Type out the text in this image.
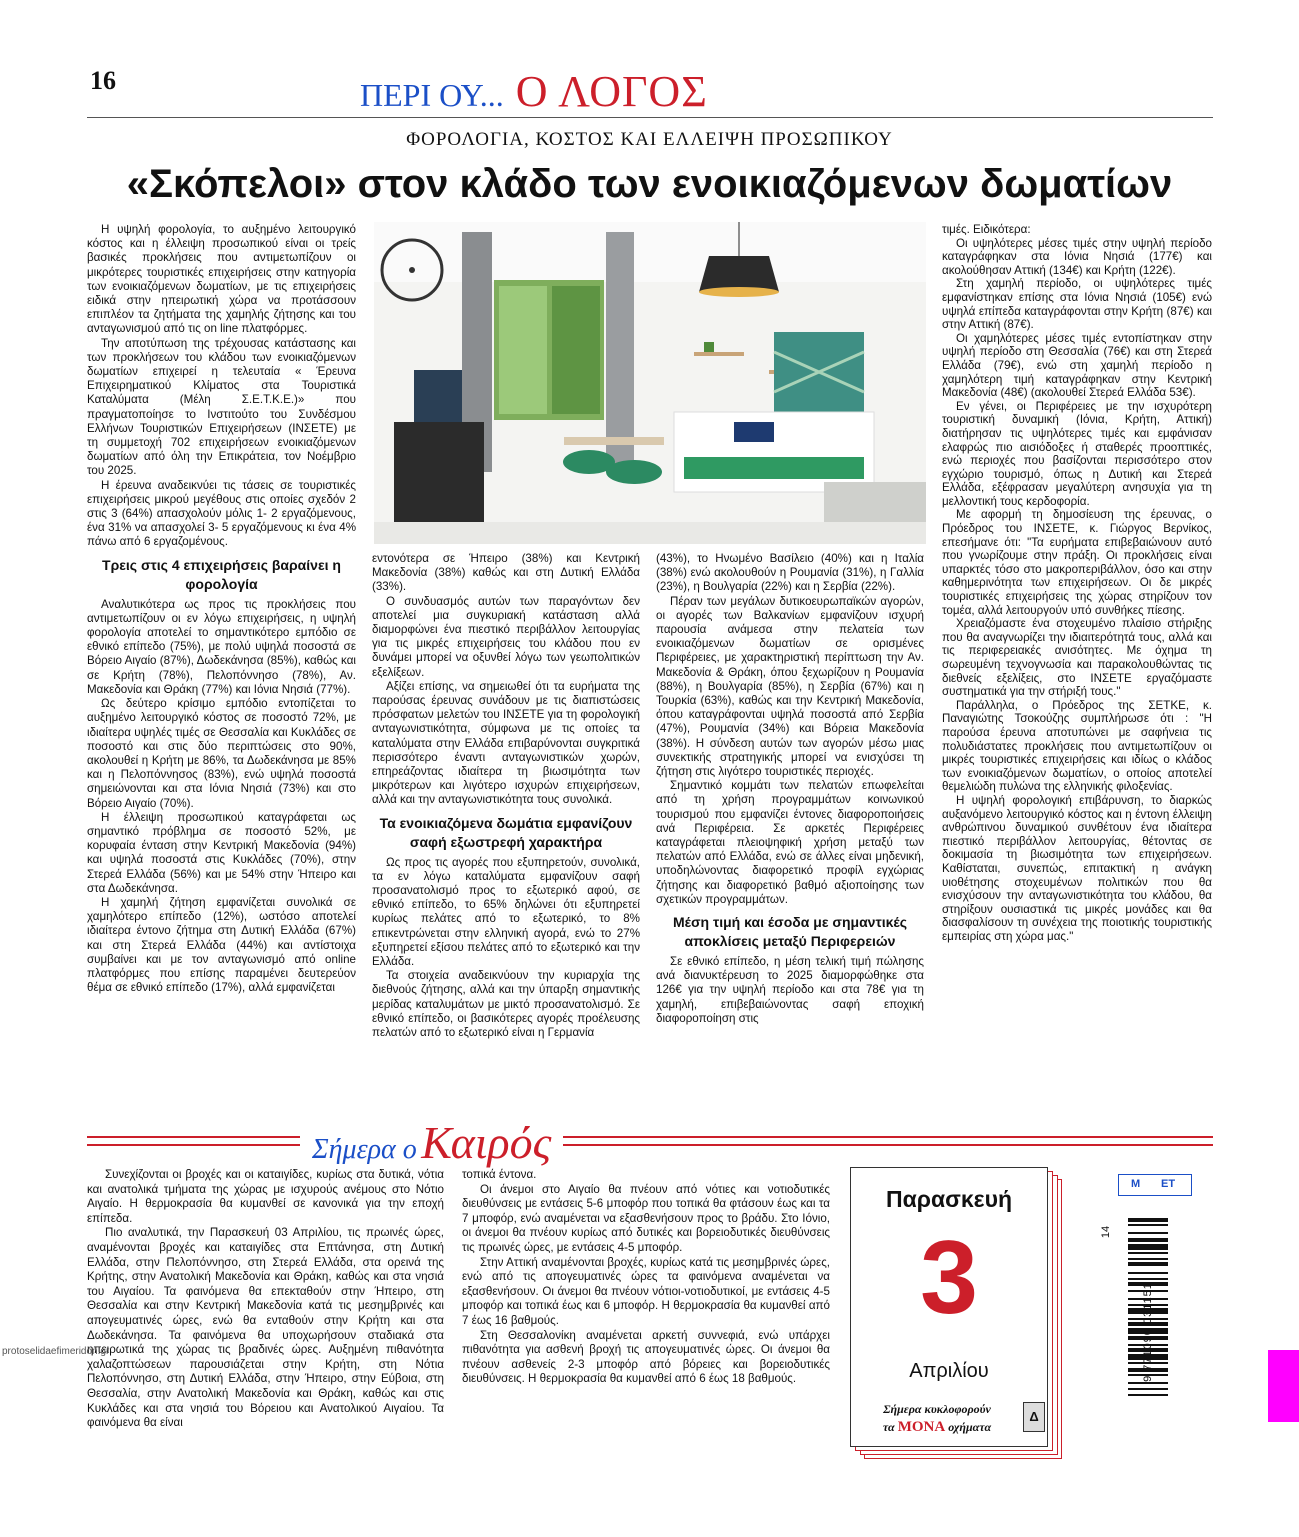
16	ΠΕΡΙ ΟΥ... Ο ΛΟΓΟΣ
ΦΟΡΟΛΟΓΙΑ, ΚΟΣΤΟΣ ΚΑΙ ΕΛΛΕΙΨΗ ΠΡΟΣΩΠΙΚΟΥ
«Σκόπελοι» στον κλάδο των ενοικιαζόμενων δωματίων

Η υψηλή φορολογία, το αυξημένο λειτουργικό κόστος και η έλλειψη προσωπικού είναι οι τρείς βασικές προκλήσεις που αντιμετωπίζουν οι μικρότερες τουριστικές επιχειρήσεις στην κατηγορία των ενοικιαζόμενων δωματίων, με τις επιχειρήσεις ειδικά στην ηπειρωτική χώρα να προτάσσουν επιπλέον τα ζητήματα της χαμηλής ζήτησης και του ανταγωνισμού από τις on line πλατφόρμες.

Την αποτύπωση της τρέχουσας κατάστασης και των προκλήσεων του κλάδου των ενοικιαζόμενων δωματίων επιχειρεί η τελευταία « Έρευνα Επιχειρηματικού Κλίματος στα Τουριστικά Καταλύματα (Μέλη Σ.Ε.Τ.Κ.Ε.)» που πραγματοποίησε το Ινστιτούτο του Συνδέσμου Ελλήνων Τουριστικών Επιχειρήσεων (ΙΝΣΕΤΕ) με τη συμμετοχή 702 επιχειρήσεων ενοικιαζόμενων δωματίων από όλη την Επικράτεια, τον Νοέμβριο του 2025.

Η έρευνα αναδεικνύει τις τάσεις σε τουριστικές επιχειρήσεις μικρού μεγέθους στις οποίες σχεδόν 2 στις 3 (64%) απασχολούν μόλις 1- 2 εργαζόμενους, ένα 31% να απασχολεί 3- 5 εργαζόμενους κι ένα 4% πάνω από 6 εργαζομένους.

Τρεις στις 4 επιχειρήσεις βαραίνει η φορολογία

Αναλυτικότερα ως προς τις προκλήσεις που αντιμετωπίζουν οι εν λόγω επιχειρήσεις, η υψηλή φορολογία αποτελεί το σημαντικότερο εμπόδιο σε εθνικό επίπεδο (75%), με πολύ υψηλά ποσοστά σε Βόρειο Αιγαίο (87%), Δωδεκάνησα (85%), καθώς και σε Κρήτη (78%), Πελοπόννησο (78%), Αν. Μακεδονία και Θράκη (77%) και Ιόνια Νησιά (77%).

Ως δεύτερο κρίσιμο εμπόδιο εντοπίζεται το αυξημένο λειτουργικό κόστος σε ποσοστό 72%, με ιδιαίτερα υψηλές τιμές σε Θεσσαλία και Κυκλάδες σε ποσοστό και στις δύο περιπτώσεις στο 90%, ακολουθεί η Κρήτη με 86%, τα Δωδεκάνησα με 85% και η Πελοπόννησος (83%), ενώ υψηλά ποσοστά σημειώνονται και στα Ιόνια Νησιά (73%) και στο Βόρειο Αιγαίο (70%).

Η έλλειψη προσωπικού καταγράφεται ως σημαντικό πρόβλημα σε ποσοστό 52%, με κορυφαία ένταση στην Κεντρική Μακεδονία (94%) και υψηλά ποσοστά στις Κυκλάδες (70%), στην Στερεά Ελλάδα (56%) και με 54% στην Ήπειρο και στα Δωδεκάνησα.

Η χαμηλή ζήτηση εμφανίζεται συνολικά σε χαμηλότερο επίπεδο (12%), ωστόσο αποτελεί ιδιαίτερα έντονο ζήτημα στη Δυτική Ελλάδα (67%) και στη Στερεά Ελλάδα (44%) και αντίστοιχα συμβαίνει και με τον ανταγωνισμό από online πλατφόρμες που επίσης παραμένει δευτερεύον θέμα σε εθνικό επίπεδο (17%), αλλά εμφανίζεται

εντονότερα σε Ήπειρο (38%) και Κεντρική Μακεδονία (38%) καθώς και στη Δυτική Ελλάδα (33%).

Ο συνδυασμός αυτών των παραγόντων δεν αποτελεί μια συγκυριακή κατάσταση αλλά διαμορφώνει ένα πιεστικό περιβάλλον λειτουργίας για τις μικρές επιχειρήσεις του κλάδου που εν δυνάμει μπορεί να οξυνθεί λόγω των γεωπολιτικών εξελίξεων.

Αξίζει επίσης, να σημειωθεί ότι τα ευρήματα της παρούσας έρευνας συνάδουν με τις διαπιστώσεις πρόσφατων μελετών του ΙΝΣΕΤΕ για τη φορολογική ανταγωνιστικότητα, σύμφωνα με τις οποίες τα καταλύματα στην Ελλάδα επιβαρύνονται συγκριτικά περισσότερο έναντι ανταγωνιστικών χωρών, επηρεάζοντας ιδιαίτερα τη βιωσιμότητα των μικρότερων και λιγότερο ισχυρών επιχειρήσεων, αλλά και την ανταγωνιστικότητα τους συνολικά.

Τα ενοικιαζόμενα δωμάτια εμφανίζουν σαφή εξωστρεφή χαρακτήρα

Ως προς τις αγορές που εξυπηρετούν, συνολικά, τα εν λόγω καταλύματα εμφανίζουν σαφή προσανατολισμό προς το εξωτερικό αφού, σε εθνικό επίπεδο, το 65% δηλώνει ότι εξυπηρετεί κυρίως πελάτες από το εξωτερικό, το 8% επικεντρώνεται στην ελληνική αγορά, ενώ το 27% εξυπηρετεί εξίσου πελάτες από το εξωτερικό και την Ελλάδα.

Τα στοιχεία αναδεικνύουν την κυριαρχία της διεθνούς ζήτησης, αλλά και την ύπαρξη σημαντικής μερίδας καταλυμάτων με μικτό προσανατολισμό. Σε εθνικό επίπεδο, οι βασικότερες αγορές προέλευσης πελατών από το εξωτερικό είναι η Γερμανία

(43%), το Ηνωμένο Βασίλειο (40%) και η Ιταλία (38%) ενώ ακολουθούν η Ρουμανία (31%), η Γαλλία (23%), η Βουλγαρία (22%) και η Σερβία (22%).

Πέραν των μεγάλων δυτικοευρωπαϊκών αγορών, οι αγορές των Βαλκανίων εμφανίζουν ισχυρή παρουσία ανάμεσα στην πελατεία των ενοικιαζόμενων δωματίων σε ορισμένες Περιφέρειες, με χαρακτηριστική περίπτωση την Αν. Μακεδονία & Θράκη, όπου ξεχωρίζουν η Ρουμανία (88%), η Βουλγαρία (85%), η Σερβία (67%) και η Τουρκία (63%), καθώς και την Κεντρική Μακεδονία, όπου καταγράφονται υψηλά ποσοστά από Σερβία (47%), Ρουμανία (34%) και Βόρεια Μακεδονία (38%). Η σύνδεση αυτών των αγορών μέσω μιας συνεκτικής στρατηγικής μπορεί να ενισχύσει τη ζήτηση στις λιγότερο τουριστικές περιοχές.

Σημαντικό κομμάτι των πελατών επωφελείται από τη χρήση προγραμμάτων κοινωνικού τουρισμού που εμφανίζει έντονες διαφοροποιήσεις ανά Περιφέρεια. Σε αρκετές Περιφέρειες καταγράφεται πλειοψηφική χρήση μεταξύ των πελατών από Ελλάδα, ενώ σε άλλες είναι μηδενική, υποδηλώνοντας διαφορετικό προφίλ εγχώριας ζήτησης και διαφορετικό βαθμό αξιοποίησης των σχετικών προγραμμάτων.

Μέση τιμή και έσοδα με σημαντικές αποκλίσεις μεταξύ Περιφερειών

Σε εθνικό επίπεδο, η μέση τελική τιμή πώλησης ανά διανυκτέρευση το 2025 διαμορφώθηκε στα 126€ για την υψηλή περίοδο και στα 78€ για τη χαμηλή, επιβεβαιώνοντας σαφή εποχική διαφοροποίηση στις

τιμές. Ειδικότερα:

Οι υψηλότερες μέσες τιμές στην υψηλή περίοδο καταγράφηκαν στα Ιόνια Νησιά (177€) και ακολούθησαν Αττική (134€) και Κρήτη (122€).

Στη χαμηλή περίοδο, οι υψηλότερες τιμές εμφανίστηκαν επίσης στα Ιόνια Νησιά (105€) ενώ υψηλά επίπεδα καταγράφονται στην Κρήτη (87€) και στην Αττική (87€).

Οι χαμηλότερες μέσες τιμές εντοπίστηκαν στην υψηλή περίοδο στη Θεσσαλία (76€) και στη Στερεά Ελλάδα (79€), ενώ στη χαμηλή περίοδο η χαμηλότερη τιμή καταγράφηκαν στην Κεντρική Μακεδονία (48€) (ακολουθεί Στερεά Ελλάδα 53€).

Εν γένει, οι Περιφέρειες με την ισχυρότερη τουριστική δυναμική (Ιόνια, Κρήτη, Αττική) διατήρησαν τις υψηλότερες τιμές και εμφάνισαν ελαφρώς πιο αισιόδοξες ή σταθερές προοπτικές, ενώ περιοχές που βασίζονται περισσότερο στον εγχώριο τουρισμό, όπως η Δυτική και Στερεά Ελλάδα, εξέφρασαν μεγαλύτερη ανησυχία για τη μελλοντική τους κερδοφορία.

Με αφορμή τη δημοσίευση της έρευνας, ο Πρόεδρος του ΙΝΣΕΤΕ, κ. Γιώργος Βερνίκος, επεσήμανε ότι: "Τα ευρήματα επιβεβαιώνουν αυτό που γνωρίζουμε στην πράξη. Οι προκλήσεις είναι υπαρκτές τόσο στο μακροπεριβάλλον, όσο και στην καθημερινότητα των επιχειρήσεων. Οι δε μικρές τουριστικές επιχειρήσεις της χώρας στηρίζουν τον τομέα, αλλά λειτουργούν υπό συνθήκες πίεσης.

Χρειαζόμαστε ένα στοχευμένο πλαίσιο στήριξης που θα αναγνωρίζει την ιδιαιτερότητά τους, αλλά και τις περιφερειακές ανισότητες. Με όχημα τη σωρευμένη τεχνογνωσία και παρακολουθώντας τις διεθνείς εξελίξεις, στο ΙΝΣΕΤΕ εργαζόμαστε συστηματικά για την στήριξή τους."

Παράλληλα, ο Πρόεδρος της ΣΕΤΚΕ, κ. Παναγιώτης Τσοκούζης συμπλήρωσε ότι : "Η παρούσα έρευνα αποτυπώνει με σαφήνεια τις πολυδιάστατες προκλήσεις που αντιμετωπίζουν οι μικρές τουριστικές επιχειρήσεις και ιδίως ο κλάδος των ενοικιαζόμενων δωματίων, ο οποίος αποτελεί θεμελιώδη πυλώνα της ελληνικής φιλοξενίας.

Η υψηλή φορολογική επιβάρυνση, το διαρκώς αυξανόμενο λειτουργικό κόστος και η έντονη έλλειψη ανθρώπινου δυναμικού συνθέτουν ένα ιδιαίτερα πιεστικό περιβάλλον λειτουργίας, θέτοντας σε δοκιμασία τη βιωσιμότητα των επιχειρήσεων. Καθίσταται, συνεπώς, επιτακτική η ανάγκη υιοθέτησης στοχευμένων πολιτικών που θα ενισχύσουν την ανταγωνιστικότητα του κλάδου, θα στηρίξουν ουσιαστικά τις μικρές μονάδες και θα διασφαλίσουν τη συνέχεια της ποιοτικής τουριστικής εμπειρίας στη χώρα μας."

Σήμερα ο Καιρός

Συνεχίζονται οι βροχές και οι καταιγίδες, κυρίως στα δυτικά, νότια και ανατολικά τμήματα της χώρας με ισχυρούς ανέμους στο Νότιο Αιγαίο. Η θερμοκρασία θα κυμανθεί σε κανονικά για την εποχή επίπεδα.

Πιο αναλυτικά, την Παρασκευή 03 Απριλίου, τις πρωινές ώρες, αναμένονται βροχές και καταιγίδες στα Επτάνησα, στη Δυτική Ελλάδα, στην Πελοπόννησο, στη Στερεά Ελλάδα, στα ορεινά της Κρήτης, στην Ανατολική Μακεδονία και Θράκη, καθώς και στα νησιά του Αιγαίου. Τα φαινόμενα θα επεκταθούν στην Ήπειρο, στη Θεσσαλία και στην Κεντρική Μακεδονία κατά τις μεσημβρινές και απογευματινές ώρες, ενώ θα ενταθούν στην Κρήτη και στα Δωδεκάνησα. Τα φαινόμενα θα υποχωρήσουν σταδιακά στα ηπειρωτικά της χώρας τις βραδινές ώρες. Αυξημένη πιθανότητα χαλαζοπτώσεων παρουσιάζεται στην Κρήτη, στη Νότια Πελοπόννησο, στη Δυτική Ελλάδα, στην Ήπειρο, στην Εύβοια, στη Θεσσαλία, στην Ανατολική Μακεδονία και Θράκη, καθώς και στις Κυκλάδες και στα νησιά του Βόρειου και Ανατολικού Αιγαίου. Τα φαινόμενα θα είναι

τοπικά έντονα.

Οι άνεμοι στο Αιγαίο θα πνέουν από νότιες και νοτιοδυτικές διευθύνσεις με εντάσεις 5-6 μποφόρ που τοπικά θα φτάσουν έως και τα 7 μποφόρ, ενώ αναμένεται να εξασθενήσουν προς το βράδυ. Στο Ιόνιο, οι άνεμοι θα πνέουν κυρίως από δυτικές και βορειοδυτικές διευθύνσεις τις πρωινές ώρες, με εντάσεις 4-5 μποφόρ.

Στην Αττική αναμένονται βροχές, κυρίως κατά τις μεσημβρινές ώρες, ενώ από τις απογευματινές ώρες τα φαινόμενα αναμένεται να εξασθενήσουν. Οι άνεμοι θα πνέουν νότιοι-νοτιοδυτικοί, με εντάσεις 4-5 μποφόρ και τοπικά έως και 6 μποφόρ. Η θερμοκρασία θα κυμανθεί από 7 έως 16 βαθμούς.

Στη Θεσσαλονίκη αναμένεται αρκετή συννεφιά, ενώ υπάρχει πιθανότητα για ασθενή βροχή τις απογευματινές ώρες. Οι άνεμοι θα πνέουν ασθενείς 2-3 μποφόρ από βόρειες και βορειοδυτικές διευθύνσεις. Η θερμοκρασία θα κυμανθεί από 6 έως 18 βαθμούς.

Παρασκευή
3
Απριλίου
Σήμερα κυκλοφορούν
τα ΜΟΝΑ οχήματα
Δ
Μ ΕΤ
9 771090 031151
14
protoselidaefimeridon.gr
